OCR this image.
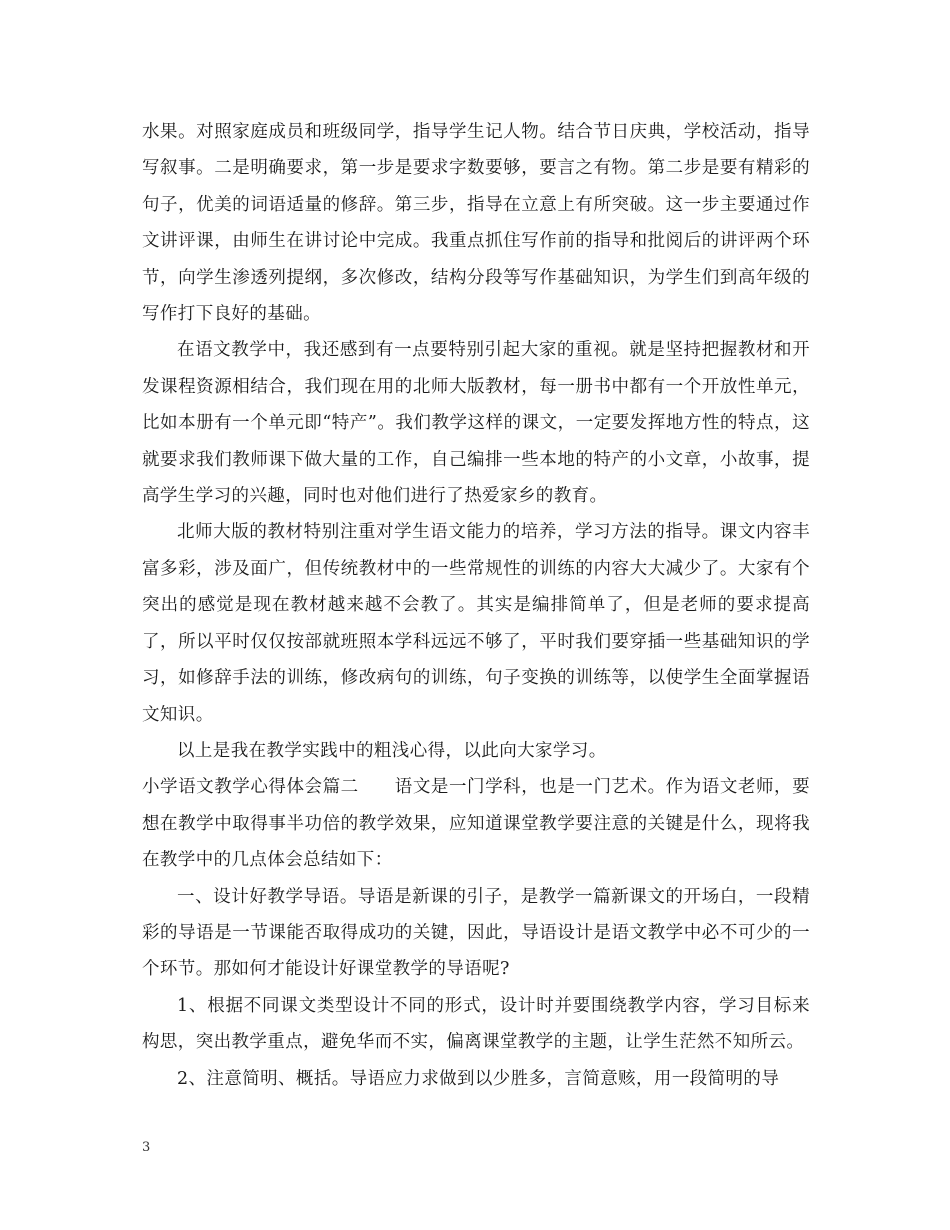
水果。对照家庭成员和班级同学，指导学生记人物。结合节日庆典，学校活动，指导写叙事。二是明确要求，第一步是要求字数要够，要言之有物。第二步是要有精彩的句子，优美的词语适量的修辞。第三步，指导在立意上有所突破。这一步主要通过作文讲评课，由师生在讲讨论中完成。我重点抓住写作前的指导和批阅后的讲评两个环节，向学生渗透列提纲，多次修改，结构分段等写作基础知识，为学生们到高年级的写作打下良好的基础。

在语文教学中，我还感到有一点要特别引起大家的重视。就是坚持把握教材和开发课程资源相结合，我们现在用的北师大版教材，每一册书中都有一个开放性单元，比如本册有一个单元即“特产”。我们教学这样的课文，一定要发挥地方性的特点，这就要求我们教师课下做大量的工作，自己编排一些本地的特产的小文章，小故事，提高学生学习的兴趣，同时也对他们进行了热爱家乡的教育。

北师大版的教材特别注重对学生语文能力的培养，学习方法的指导。课文内容丰富多彩，涉及面广，但传统教材中的一些常规性的训练的内容大大减少了。大家有个突出的感觉是现在教材越来越不会教了。其实是编排简单了，但是老师的要求提高了，所以平时仅仅按部就班照本学科远远不够了，平时我们要穿插一些基础知识的学习，如修辞手法的训练，修改病句的训练，句子变换的训练等，以使学生全面掌握语文知识。

以上是我在教学实践中的粗浅心得，以此向大家学习。

小学语文教学心得体会篇二　　语文是一门学科，也是一门艺术。作为语文老师，要想在教学中取得事半功倍的教学效果，应知道课堂教学要注意的关键是什么，现将我在教学中的几点体会总结如下：

一、设计好教学导语。导语是新课的引子，是教学一篇新课文的开场白，一段精彩的导语是一节课能否取得成功的关键，因此，导语设计是语文教学中必不可少的一个环节。那如何才能设计好课堂教学的导语呢?

1、根据不同课文类型设计不同的形式，设计时并要围绕教学内容，学习目标来构思，突出教学重点，避免华而不实，偏离课堂教学的主题，让学生茫然不知所云。

2、注意简明、概括。导语应力求做到以少胜多，言简意赅，用一段简明的导

3
